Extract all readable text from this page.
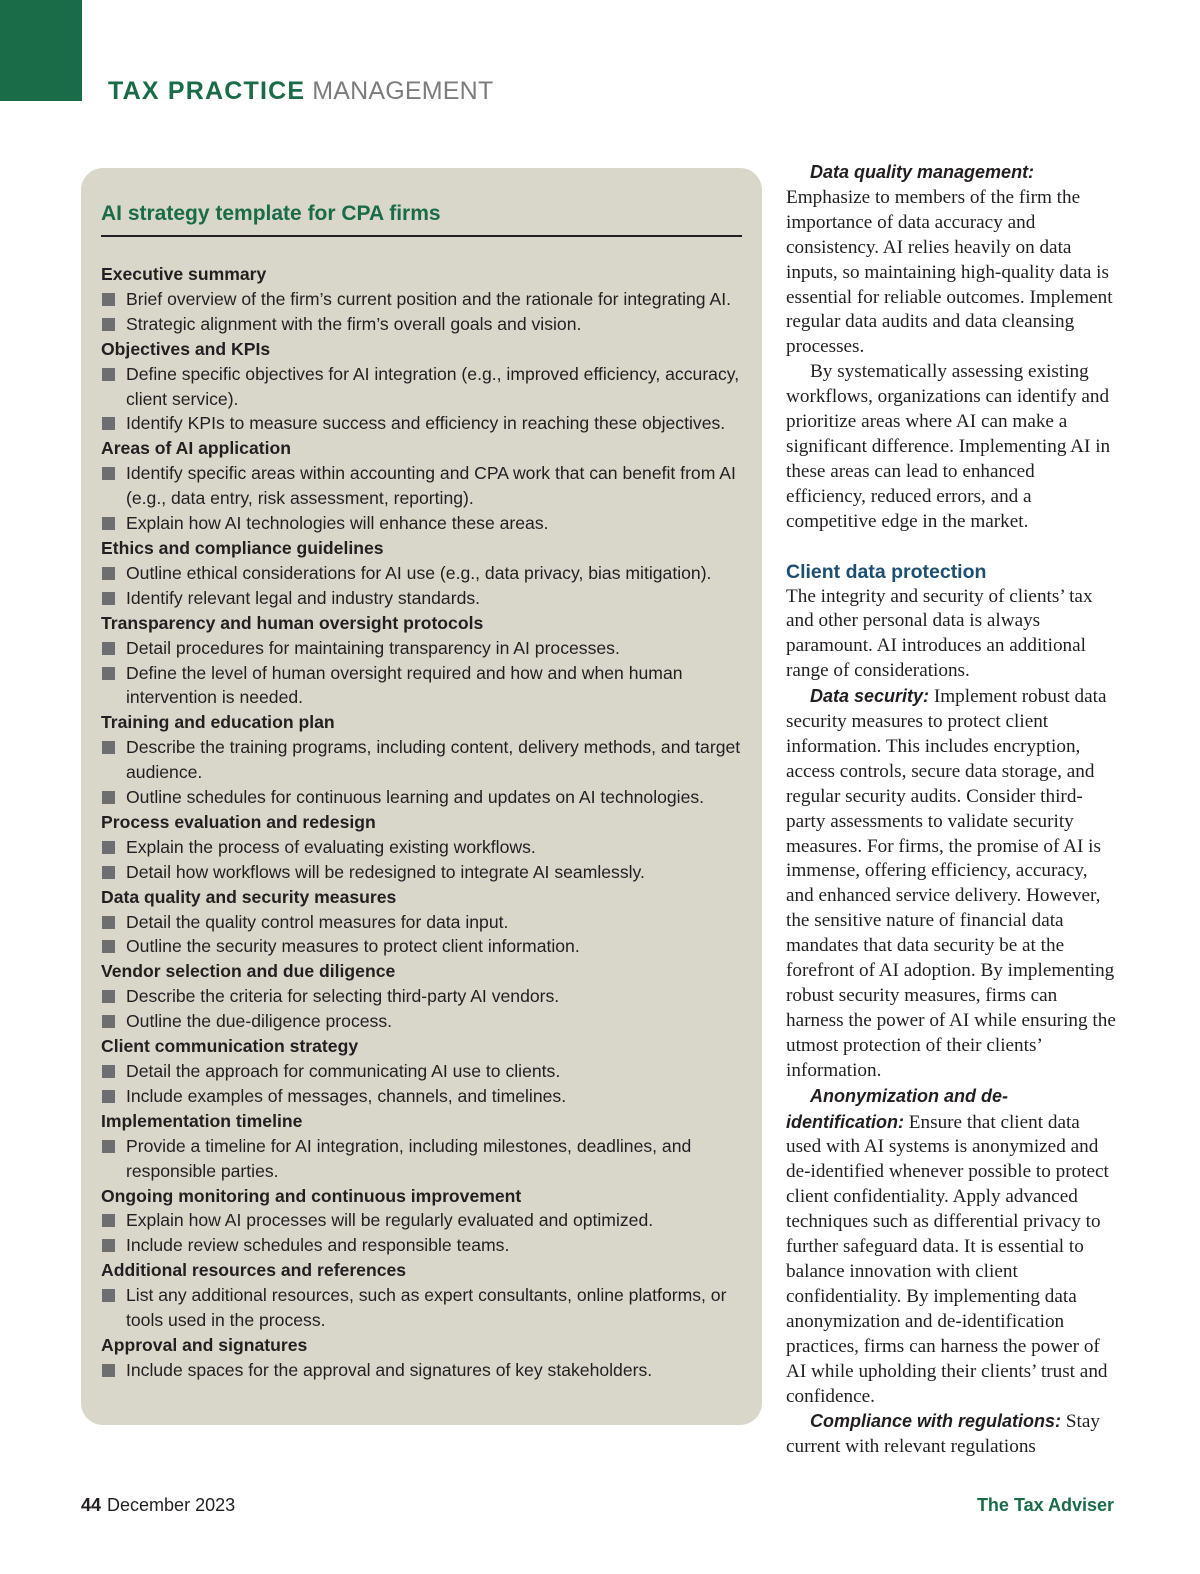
TAX PRACTICE MANAGEMENT
AI strategy template for CPA firms

Executive summary

Brief overview of the firm’s current position and the rationale for integrating AI.
Strategic alignment with the firm’s overall goals and vision.

Objectives and KPIs

Define specific objectives for AI integration (e.g., improved efficiency, accuracy, client service).
Identify KPIs to measure success and efficiency in reaching these objectives.

Areas of AI application

Identify specific areas within accounting and CPA work that can benefit from AI (e.g., data entry, risk assessment, reporting).
Explain how AI technologies will enhance these areas.

Ethics and compliance guidelines

Outline ethical considerations for AI use (e.g., data privacy, bias mitigation).
Identify relevant legal and industry standards.

Transparency and human oversight protocols

Detail procedures for maintaining transparency in AI processes.
Define the level of human oversight required and how and when human intervention is needed.

Training and education plan

Describe the training programs, including content, delivery methods, and target audience.
Outline schedules for continuous learning and updates on AI technologies.

Process evaluation and redesign

Explain the process of evaluating existing workflows.
Detail how workflows will be redesigned to integrate AI seamlessly.

Data quality and security measures

Detail the quality control measures for data input.
Outline the security measures to protect client information.

Vendor selection and due diligence

Describe the criteria for selecting third-party AI vendors.
Outline the due-diligence process.

Client communication strategy

Detail the approach for communicating AI use to clients.
Include examples of messages, channels, and timelines.

Implementation timeline

Provide a timeline for AI integration, including milestones, deadlines, and responsible parties.

Ongoing monitoring and continuous improvement

Explain how AI processes will be regularly evaluated and optimized.
Include review schedules and responsible teams.

Additional resources and references

List any additional resources, such as expert consultants, online platforms, or tools used in the process.

Approval and signatures

Include spaces for the approval and signatures of key stakeholders.

Data quality management: Emphasize to members of the firm the importance of data accuracy and consistency. AI relies heavily on data inputs, so maintaining high-quality data is essential for reliable outcomes. Implement regular data audits and data cleansing processes.

By systematically assessing existing workflows, organizations can identify and prioritize areas where AI can make a significant difference. Implementing AI in these areas can lead to enhanced efficiency, reduced errors, and a competitive edge in the market.

Client data protection

The integrity and security of clients’ tax and other personal data is always paramount. AI introduces an additional range of considerations.

Data security: Implement robust data security measures to protect client information. This includes encryption, access controls, secure data storage, and regular security audits. Consider third-party assessments to validate security measures. For firms, the promise of AI is immense, offering efficiency, accuracy, and enhanced service delivery. However, the sensitive nature of financial data mandates that data security be at the forefront of AI adoption. By implementing robust security measures, firms can harness the power of AI while ensuring the utmost protection of their clients’ information.

Anonymization and de-identification: Ensure that client data used with AI systems is anonymized and de-identified whenever possible to protect client confidentiality. Apply advanced techniques such as differential privacy to further safeguard data. It is essential to balance innovation with client confidentiality. By implementing data anonymization and de-identification practices, firms can harness the power of AI while upholding their clients’ trust and confidence.

Compliance with regulations: Stay current with relevant regulations

44 December 2023	The Tax Adviser
